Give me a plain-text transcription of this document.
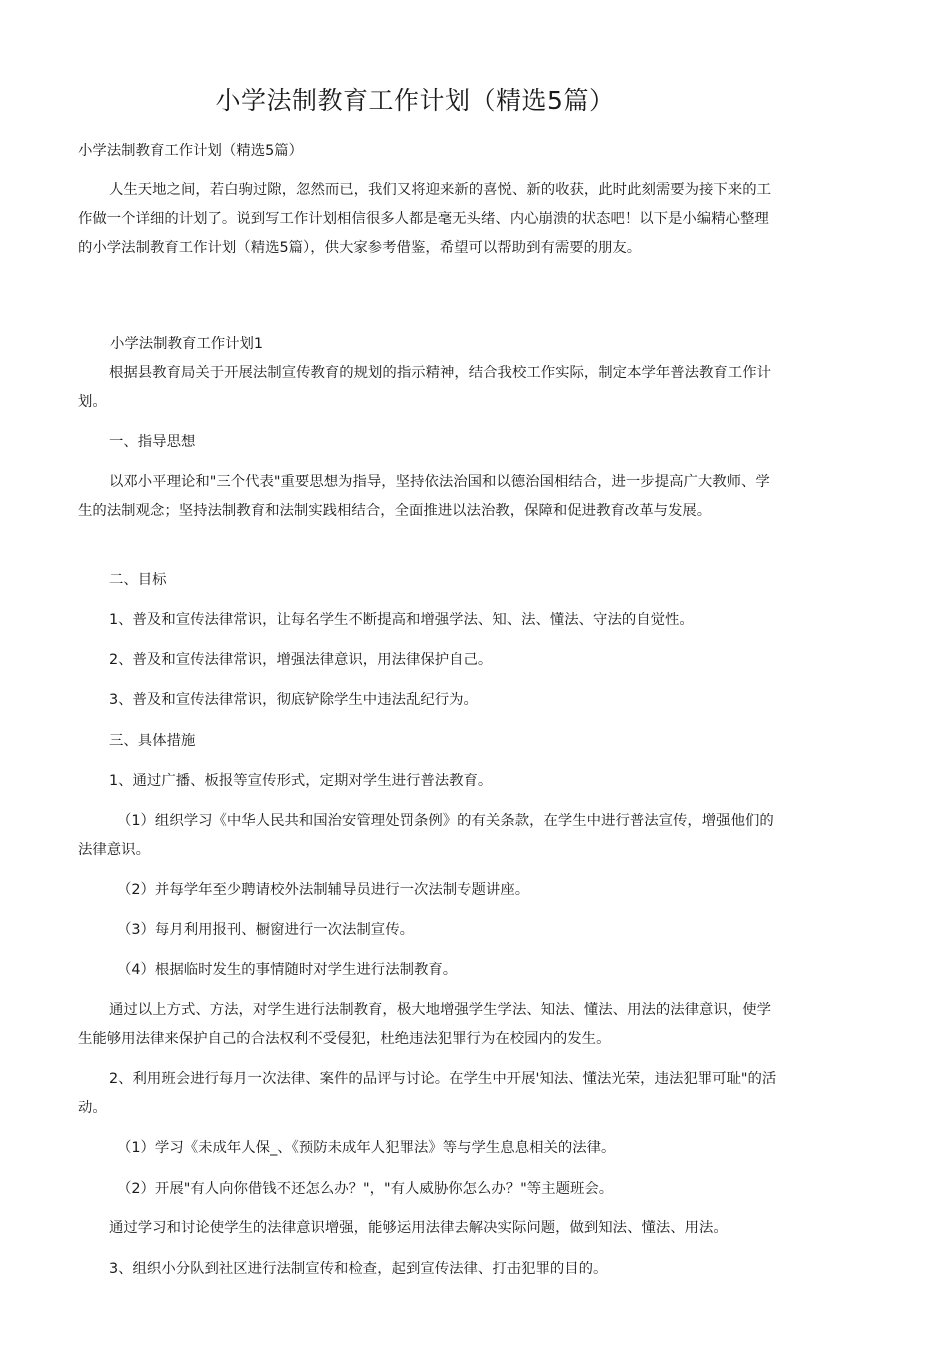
小学法制教育工作计划（精选5篇）

小学法制教育工作计划（精选5篇）

人生天地之间，若白驹过隙，忽然而已，我们又将迎来新的喜悦、新的收获，此时此刻需要为接下来的工作做一个详细的计划了。说到写工作计划相信很多人都是毫无头绪、内心崩溃的状态吧！以下是小编精心整理的小学法制教育工作计划（精选5篇），供大家参考借鉴，希望可以帮助到有需要的朋友。

小学法制教育工作计划1

根据县教育局关于开展法制宣传教育的规划的指示精神，结合我校工作实际，制定本学年普法教育工作计划。

一、指导思想

以邓小平理论和"三个代表"重要思想为指导，坚持依法治国和以德治国相结合，进一步提高广大教师、学生的法制观念；坚持法制教育和法制实践相结合，全面推进以法治教，保障和促进教育改革与发展。

二、目标

1、普及和宣传法律常识，让每名学生不断提高和增强学法、知、法、懂法、守法的自觉性。

2、普及和宣传法律常识，增强法律意识，用法律保护自己。

3、普及和宣传法律常识，彻底铲除学生中违法乱纪行为。

三、具体措施

1、通过广播、板报等宣传形式，定期对学生进行普法教育。

（1）组织学习《中华人民共和国治安管理处罚条例》的有关条款，在学生中进行普法宣传，增强他们的法律意识。

（2）并每学年至少聘请校外法制辅导员进行一次法制专题讲座。

（3）每月利用报刊、橱窗进行一次法制宣传。

（4）根据临时发生的事情随时对学生进行法制教育。

通过以上方式、方法，对学生进行法制教育，极大地增强学生学法、知法、懂法、用法的法律意识，使学生能够用法律来保护自己的合法权利不受侵犯，杜绝违法犯罪行为在校园内的发生。

2、利用班会进行每月一次法律、案件的品评与讨论。在学生中开展'知法、懂法光荣，违法犯罪可耻"的活动。

（1）学习《未成年人保_、《预防未成年人犯罪法》等与学生息息相关的法律。

（2）开展"有人向你借钱不还怎么办？"，"有人威胁你怎么办？"等主题班会。

通过学习和讨论使学生的法律意识增强，能够运用法律去解决实际问题，做到知法、懂法、用法。

3、组织小分队到社区进行法制宣传和检查，起到宣传法律、打击犯罪的目的。
